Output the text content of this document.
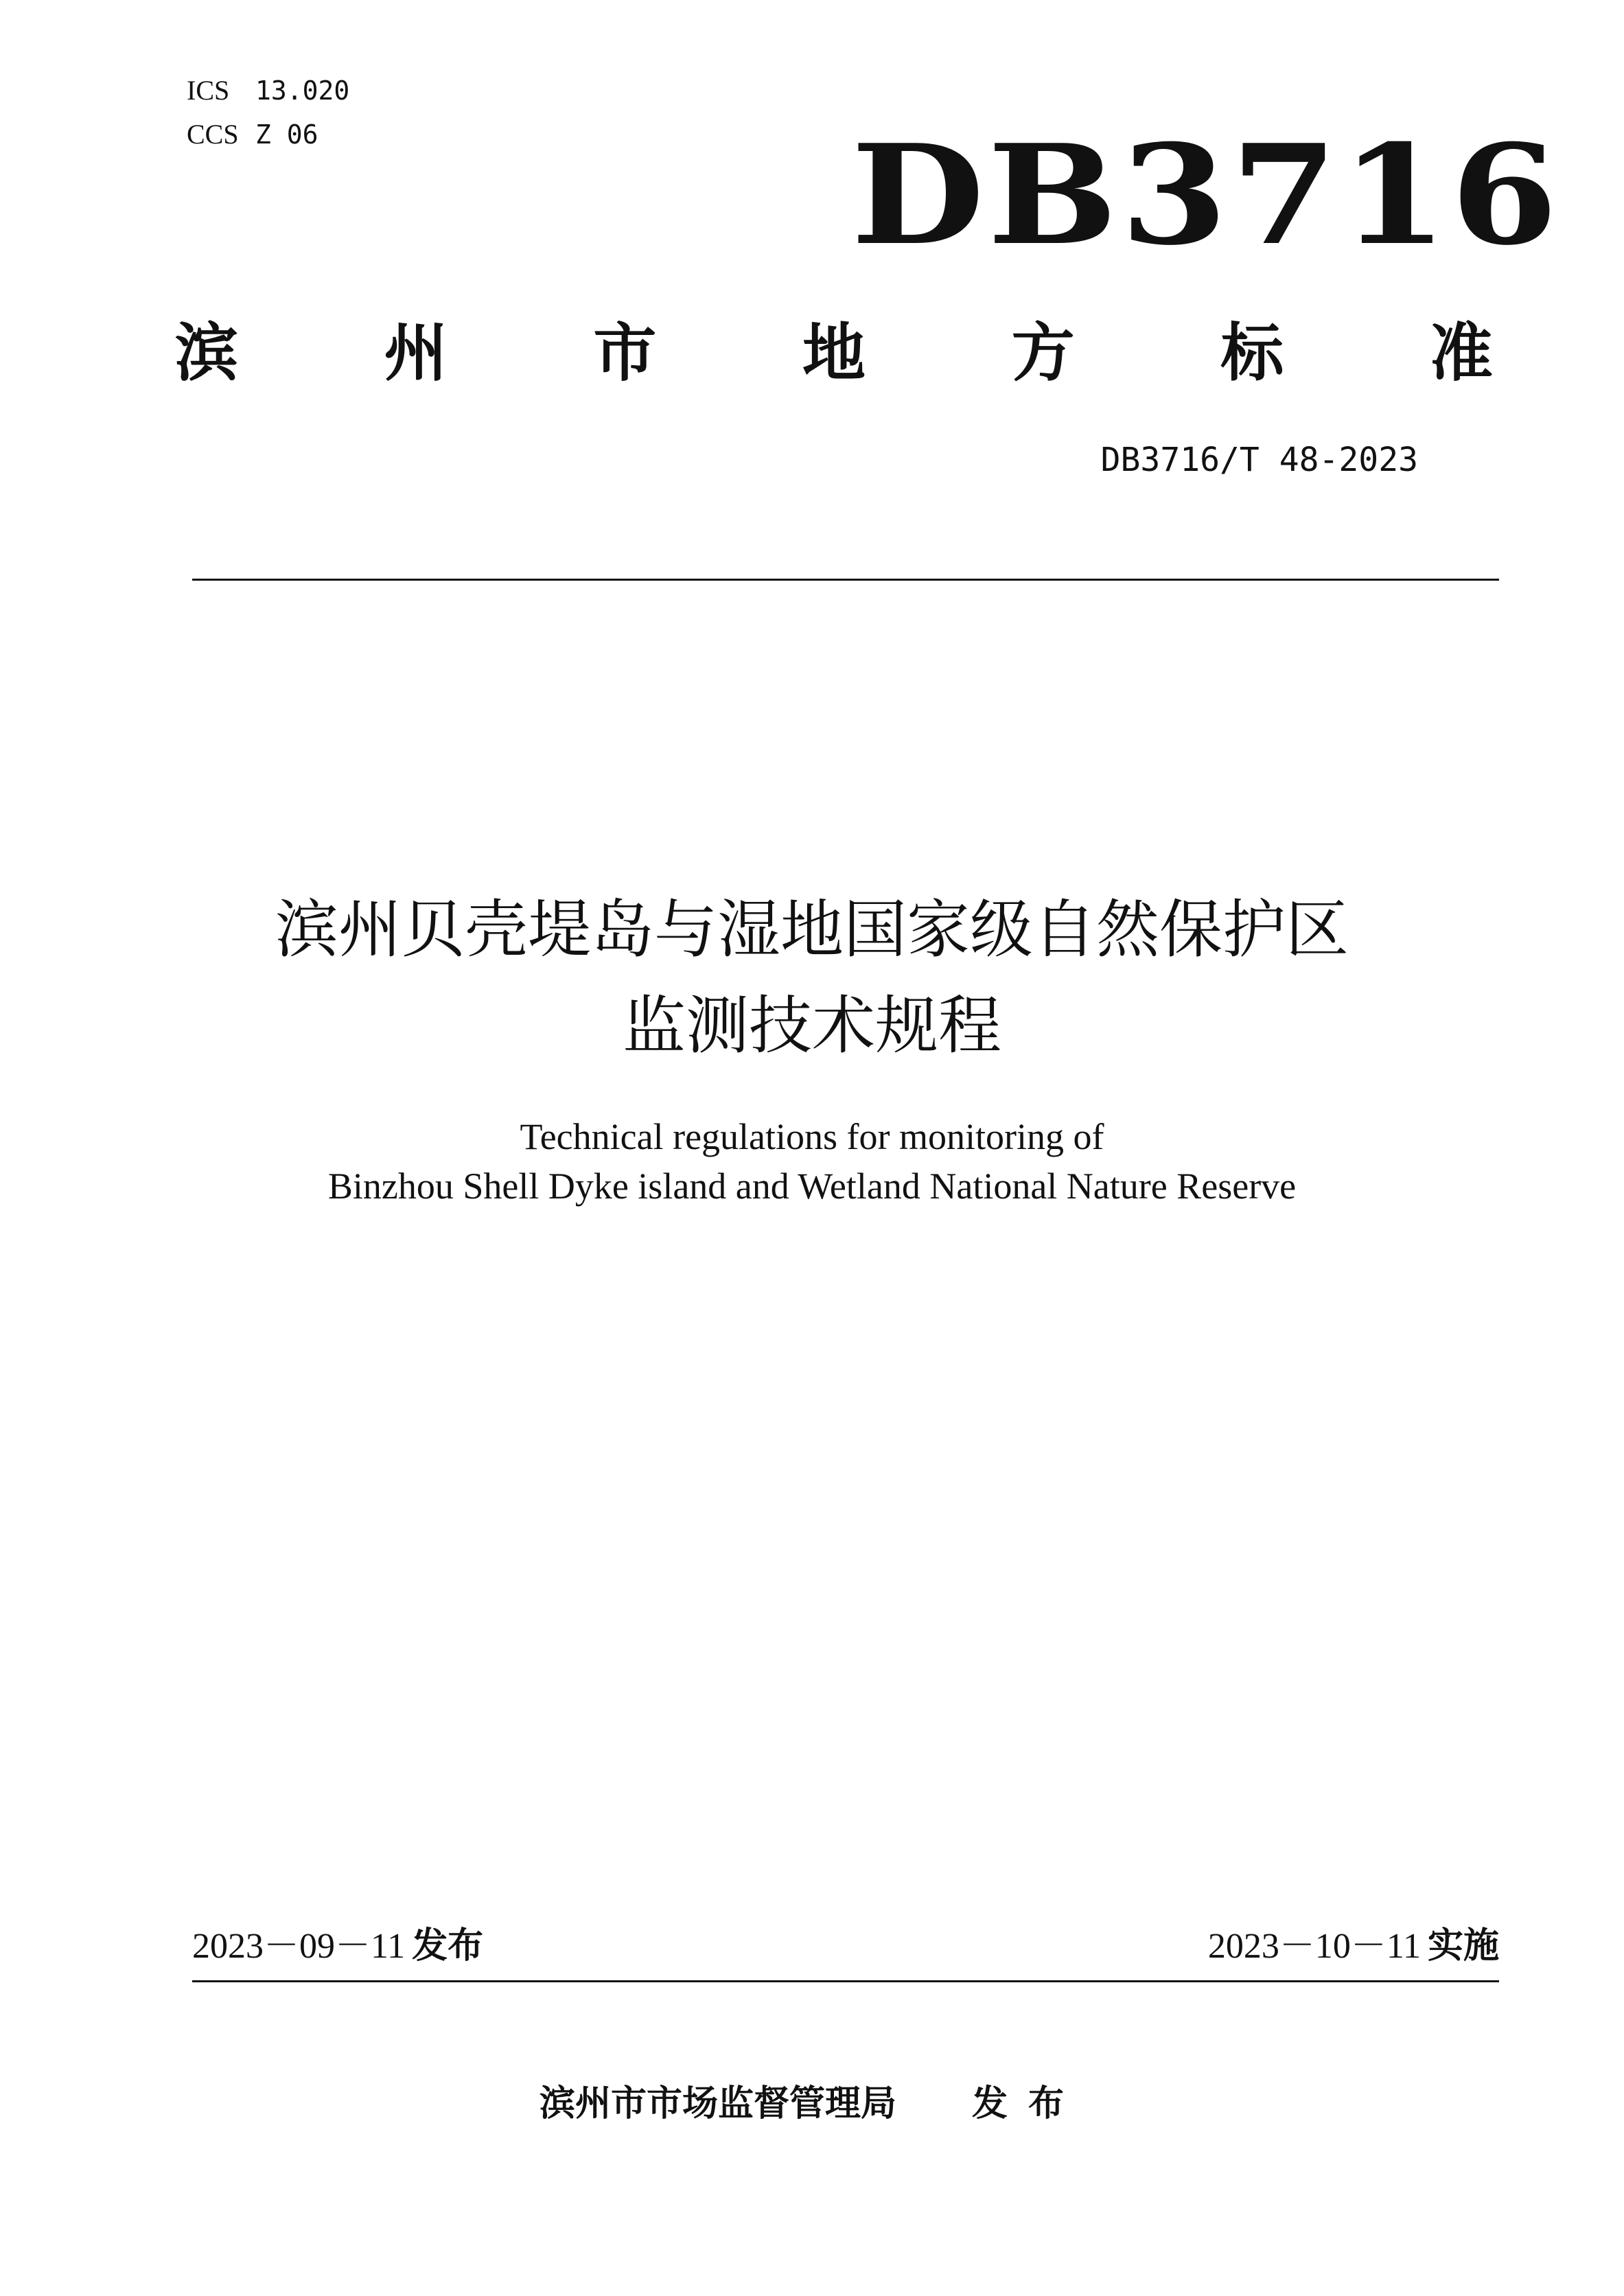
ICS 13.020
CCS Z 06	DB3716
滨 州 市 地 方 标 准
DB3716/T 48-2023
滨州贝壳堤岛与湿地国家级自然保护区
监测技术规程
Technical regulations for monitoring of
Binzhou Shell Dyke island and Wetland National Nature Reserve
2023－09－11 发布	2023－10－11 实施
滨州市市场监督管理局 发布
